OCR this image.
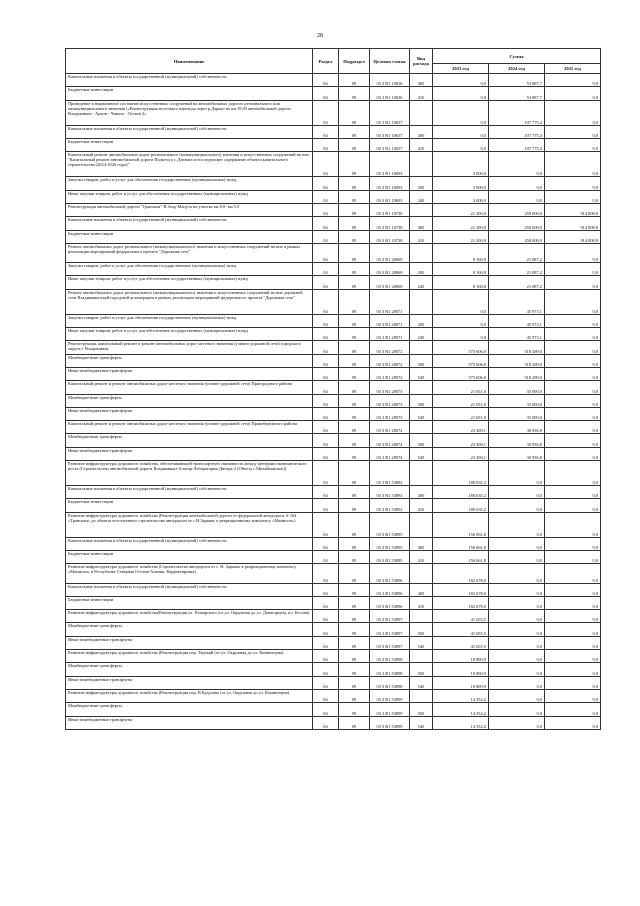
28
Наименование	Раздел	Подраздел	Целевая статья	Вид расхода	Сумма		
					2023 год	2024 год	2025 год
Капитальные вложения в объекты государственной (муниципальной) собственности	04	09	03 3 R1 10656	400	0,0	53 887,7	0,0
Бюджетные инвестиции	04	09	03 3 R1 10656	410	0,0	53 887,7	0,0
Приведение в нормативное состояние искусственных сооружений на автомобильных дорогах регионального или межмуниципального значения («Реконструкция мостового перехода через р.Дарьял на км 19,03 автомобильной дороги Владикавказ - Архон - Чикола - Лескен 2»	04	09	03 3 R1 10657		0,0	107 775,4	0,0
Капитальные вложения в объекты государственной (муниципальной) собственности	04	09	03 3 R1 10657	400	0,0	107 775,4	0,0
Бюджетные инвестиции	04	09	03 3 R1 10657	410	0,0	107 775,4	0,0
Капитальный ремонт автомобильных дорог регионального (межмуниципального) значения и искусственных сооружений на них "Капитальный ремонт автомобильной дороги Подъезд к с.Дзинага и последующее содержание объекта капитального строительства (2024-2026 годы)"	04	09	03 3 R1 10693		3 000,0	0,0	0,0
Закупка товаров, работ и услуг для обеспечения государственных (муниципальных) нужд	04	09	03 3 R1 10693	200	3 000,0	0,0	0,0
Иные закупки товаров, работ и услуг для обеспечения государственных (муниципальных) нужд	04	09	03 3 R1 10693	240	3 000,0	0,0	0,0
Реконструкция автомобильной дороги "Транскам"-В.Згид-Мацута на участке км 0,0- км 5,5	04	09	03 3 R1 10738		21 200,0	250 000,0	914 808,8
Капитальные вложения в объекты государственной (муниципальной) собственности	04	09	03 3 R1 10738	400	21 200,0	250 000,0	914 808,8
Бюджетные инвестиции	04	09	03 3 R1 10738	410	21 200,0	250 000,0	914 808,8
Ремонт автомобильных дорог регионального (межмуниципального) значения и искусственных сооружений на них в рамках реализации мероприятий федерального проекта "Дорожная сеть"	04	09	03 3 R1 28069		8 160,8	21 087,2	0,0
Закупка товаров, работ и услуг для обеспечения государственных (муниципальных) нужд	04	09	03 3 R1 28069	200	8 160,8	21 087,2	0,0
Иные закупки товаров, работ и услуг для обеспечения государственных (муниципальных) нужд	04	09	03 3 R1 28069	240	8 160,8	21 087,2	0,0
Ремонт автомобильных дорог регионального (межмуниципального) значения и искусственных сооружений на них дорожной сети Владикавказской городской агломерации в рамках реализации мероприятий федерального проекта "Дорожная сеть"	04	09	03 3 R1 28071		0,0	45 973,1	0,0
Закупка товаров, работ и услуг для обеспечения государственных (муниципальных) нужд	04	09	03 3 R1 28071	200	0,0	45 973,1	0,0
Иные закупки товаров, работ и услуг для обеспечения государственных (муниципальных) нужд	04	09	03 3 R1 28071	240	0,0	45 973,1	0,0
Реконструкция, капитальный ремонт и ремонт автомобильных дорог местного значения (улично-дорожной сети) городского округа г. Владикавказ	04	09	03 3 R1 28072		575 606,0	518 289,0	0,0
Межбюджетные трансферты	04	09	03 3 R1 28072	500	575 606,0	518 289,0	0,0
Иные межбюджетные трансферты	04	09	03 3 R1 28072	540	575 606,0	518 289,0	0,0
Капитальный ремонт и ремонт автомобильных дорог местного значения (улично-дорожной сети) Пригородного района	04	09	03 3 R1 28073		21 651,0	35 000,0	0,0
Межбюджетные трансферты	04	09	03 3 R1 28073	500	21 651,0	35 000,0	0,0
Иные межбюджетные трансферты	04	09	03 3 R1 28073	540	21 651,0	35 000,0	0,0
Капитальный ремонт и ремонт автомобильных дорог местного значения (улично-дорожной сети) Правобережного района	04	09	03 3 R1 28074		23 300,1	30 936,8	0,0
Межбюджетные трансферты	04	09	03 3 R1 28074	500	23 300,1	30 936,8	0,0
Иные межбюджетные трансферты	04	09	03 3 R1 28074	540	23 300,1	30 936,8	0,0
Развитие инфраструктуры дорожного хозяйства, обеспечивающей транспортную связанность между центрами экономического роста (Строительство автомобильной дороги Владикавказ-Алагир-Лаборатория-Дигора-2 (Объезд с.Михайловское))	04	09	03 3 R1 53892		180 635,2	0,0	0,0
Капитальные вложения в объекты государственной (муниципальной) собственности	04	09	03 3 R1 53892	400	180 635,2	0,0	0,0
Бюджетные инвестиции	04	09	03 3 R1 53892	410	180 635,2	0,0	0,0
Развитие инфраструктуры дорожного хозяйства (Реконструкция автомобильной дороги от федеральной автодороги А-164 «Транскам» до объекта всесезонного строительства автодороги от с.Н.Зарамаг к рекреационному комплексу «Мамисон»)	04	09	03 3 R1 53895		156 061,8	0,0	0,0
Капитальные вложения в объекты государственной (муниципальной) собственности	04	09	03 3 R1 53895	400	156 061,8	0,0	0,0
Бюджетные инвестиции	04	09	03 3 R1 53895	410	156 061,8	0,0	0,0
Развитие инфраструктуры дорожного хозяйства (Строительство автодороги от с. Н. Зарамаг к рекреационному комплексу «Мамисон» в Республике Северная Осетия-Алания. Корректировка)	04	09	03 3 R1 53896		182 678,0	0,0	0,0
Капитальные вложения в объекты государственной (муниципальной) собственности	04	09	03 3 R1 53896	400	182 678,0	0,0	0,0
Бюджетные инвестиции	04	09	03 3 R1 53896	410	182 678,0	0,0	0,0
Развитие инфраструктуры дорожного хозяйства(Реконструкция ул. Пожарского (от ул. Окружная до ул. Доваторцев), в г. Беслан)	04	09	03 3 R1 53897		41 655,5	0,0	0,0
Межбюджетные трансферты	04	09	03 3 R1 53897	500	41 655,5	0,0	0,0
Иные межбюджетные трансферты	04	09	03 3 R1 53897	540	41 655,5	0,0	0,0
Развитие инфраструктуры дорожного хозяйства (Реконструкция пер. Терский (от ул. Окружная до ул. Коминтерна)	04	09	03 3 R1 53898		10 800,9	0,0	0,0
Межбюджетные трансферты	04	09	03 3 R1 53898	500	10 800,9	0,0	0,0
Иные межбюджетные трансферты	04	09	03 3 R1 53898	540	10 800,9	0,0	0,0
Развитие инфраструктуры дорожного хозяйства (Реконструкция пер. В.Кудухова (от ул. Окружная до ул. Коминтерна)	04	09	03 3 R1 53899		14 352,2	0,0	0,0
Межбюджетные трансферты	04	09	03 3 R1 53899	500	14 352,2	0,0	0,0
Иные межбюджетные трансферты	04	09	03 3 R1 53899	540	14 352,2	0,0	0,0
